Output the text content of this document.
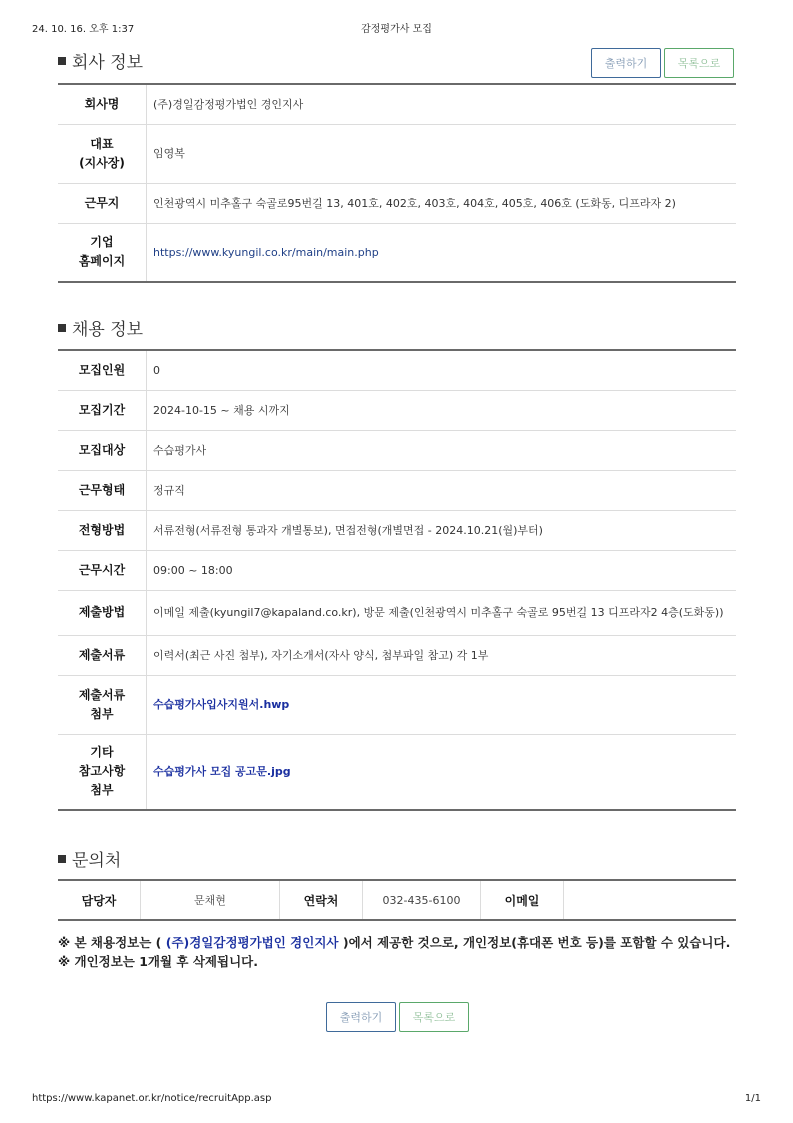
24. 10. 16. 오후 1:37	감정평가사 모집
회사 정보	출력하기	목록으로
회사명	(주)경일감정평가법인 경인지사
대표
(지사장)	임영복
근무지	인천광역시 미추홀구 숙골로95번길 13, 401호, 402호, 403호, 404호, 405호, 406호 (도화동, 디프라자 2)
기업
홈페이지	https://www.kyungil.co.kr/main/main.php
채용 정보
모집인원	0
모집기간	2024-10-15 ~ 채용 시까지
모집대상	수습평가사
근무형태	정규직
전형방법	서류전형(서류전형 통과자 개별통보), 면접전형(개별면접 - 2024.10.21(월)부터)
근무시간	09:00 ~ 18:00
제출방법	이메일 제출(kyungil7@kapaland.co.kr), 방문 제출(인천광역시 미추홀구 숙골로 95번길 13 디프라자2 4층(도화동))
제출서류	이력서(최근 사진 첨부), 자기소개서(자사 양식, 첨부파일 참고) 각 1부
제출서류
첨부	수습평가사입사지원서.hwp
기타
참고사항
첨부	수습평가사 모집 공고문.jpg
문의처
담당자	문채현	연락처	032-435-6100	이메일	
※ 본 채용정보는 ( (주)경일감정평가법인 경인지사 )에서 제공한 것으로, 개인정보(휴대폰 번호 등)를 포함할 수 있습니다.
※ 개인정보는 1개월 후 삭제됩니다.
출력하기	목록으로
https://www.kapanet.or.kr/notice/recruitApp.asp	1/1
